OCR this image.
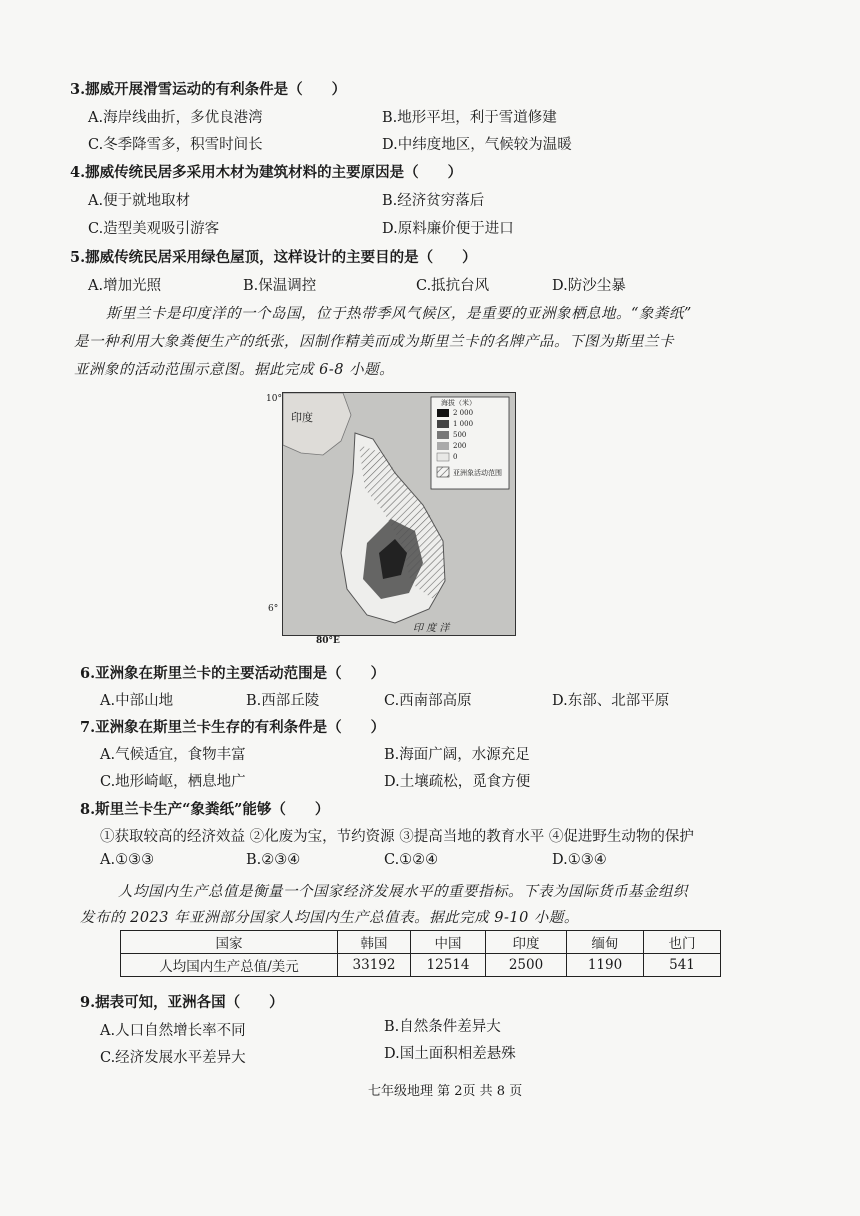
3.挪威开展滑雪运动的有利条件是（　　）
A.海岸线曲折，多优良港湾	B.地形平坦，利于雪道修建
C.冬季降雪多，积雪时间长	D.中纬度地区，气候较为温暖
4.挪威传统民居多采用木材为建筑材料的主要原因是（　　）
A.便于就地取材	B.经济贫穷落后
C.造型美观吸引游客	D.原料廉价便于进口
5.挪威传统民居采用绿色屋顶，这样设计的主要目的是（　　）
A.增加光照	B.保温调控	C.抵抗台风	D.防沙尘暴
斯里兰卡是印度洋的一个岛国，位于热带季风气候区，是重要的亚洲象栖息地。“象粪纸”
是一种利用大象粪便生产的纸张，因制作精美而成为斯里兰卡的名牌产品。下图为斯里兰卡
亚洲象的活动范围示意图。据此完成 6-8 小题。
10°
6°
80°E
印度
印 度 洋
海拔（米）
2 000
1 000
500
200
0
亚洲象活动范围
6.亚洲象在斯里兰卡的主要活动范围是（　　）
A.中部山地	B.西部丘陵	C.西南部高原	D.东部、北部平原
7.亚洲象在斯里兰卡生存的有利条件是（　　）
A.气候适宜，食物丰富	B.海面广阔，水源充足
C.地形崎岖，栖息地广	D.土壤疏松，觅食方便
8.斯里兰卡生产“象粪纸”能够（　　）
①获取较高的经济效益 ②化废为宝，节约资源 ③提高当地的教育水平 ④促进野生动物的保护
A.①③③	B.②③④	C.①②④	D.①③④
人均国内生产总值是衡量一个国家经济发展水平的重要指标。下表为国际货币基金组织
发布的 2023 年亚洲部分国家人均国内生产总值表。据此完成 9-10 小题。
国家	韩国	中国	印度	缅甸	也门
人均国内生产总值/美元	33192	12514	2500	1190	541
9.据表可知，亚洲各国（　　）
A.人口自然增长率不同	B.自然条件差异大
C.经济发展水平差异大	D.国土面积相差悬殊
七年级地理 第 2页 共 8 页
